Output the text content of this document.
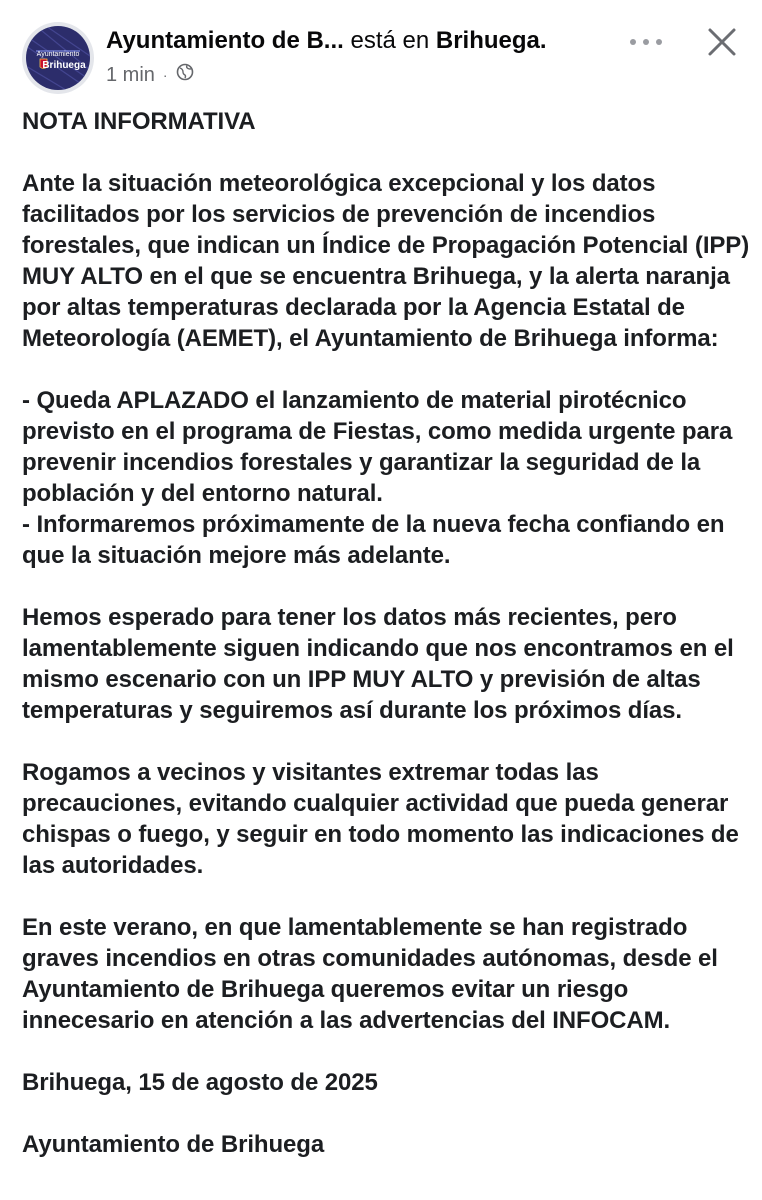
Ayuntamiento
Brihuega
Ayuntamiento de B... está en Brihuega.
1 min ·

NOTA INFORMATIVA

Ante la situación meteorológica excepcional y los datos facilitados por los servicios de prevención de incendios forestales, que indican un Índice de Propagación Potencial (IPP) MUY ALTO en el que se encuentra Brihuega, y la alerta naranja por altas temperaturas declarada por la Agencia Estatal de Meteorología (AEMET), el Ayuntamiento de Brihuega informa:

- Queda APLAZADO el lanzamiento de material pirotécnico previsto en el programa de Fiestas, como medida urgente para prevenir incendios forestales y garantizar la seguridad de la población y del entorno natural.
- Informaremos próximamente de la nueva fecha confiando en que la situación mejore más adelante.

Hemos esperado para tener los datos más recientes, pero lamentablemente siguen indicando que nos encontramos en el mismo escenario con un IPP MUY ALTO y previsión de altas temperaturas y seguiremos así durante los próximos días.

Rogamos a vecinos y visitantes extremar todas las precauciones, evitando cualquier actividad que pueda generar chispas o fuego, y seguir en todo momento las indicaciones de las autoridades.

En este verano, en que lamentablemente se han registrado graves incendios en otras comunidades autónomas, desde el Ayuntamiento de Brihuega queremos evitar un riesgo innecesario en atención a las advertencias del INFOCAM.

Brihuega, 15 de agosto de 2025

Ayuntamiento de Brihuega
